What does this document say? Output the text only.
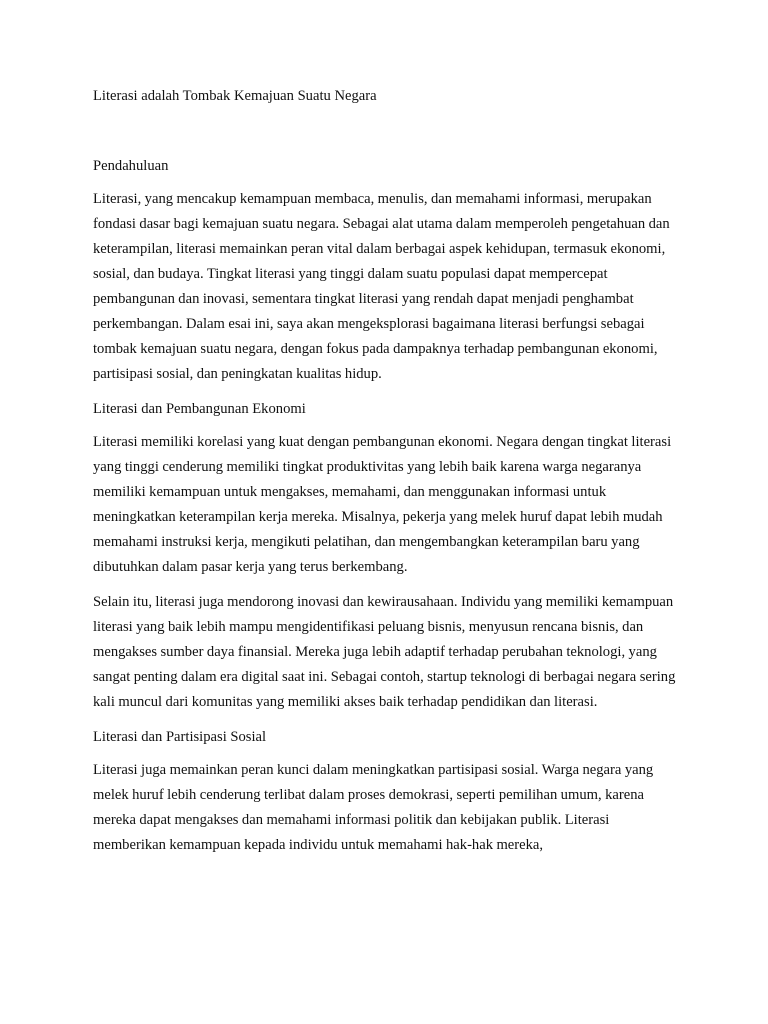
Literasi adalah Tombak Kemajuan Suatu Negara
Pendahuluan

Literasi, yang mencakup kemampuan membaca, menulis, dan memahami informasi, merupakan fondasi dasar bagi kemajuan suatu negara. Sebagai alat utama dalam memperoleh pengetahuan dan keterampilan, literasi memainkan peran vital dalam berbagai aspek kehidupan, termasuk ekonomi, sosial, dan budaya. Tingkat literasi yang tinggi dalam suatu populasi dapat mempercepat pembangunan dan inovasi, sementara tingkat literasi yang rendah dapat menjadi penghambat perkembangan. Dalam esai ini, saya akan mengeksplorasi bagaimana literasi berfungsi sebagai tombak kemajuan suatu negara, dengan fokus pada dampaknya terhadap pembangunan ekonomi, partisipasi sosial, dan peningkatan kualitas hidup.

Literasi dan Pembangunan Ekonomi

Literasi memiliki korelasi yang kuat dengan pembangunan ekonomi. Negara dengan tingkat literasi yang tinggi cenderung memiliki tingkat produktivitas yang lebih baik karena warga negaranya memiliki kemampuan untuk mengakses, memahami, dan menggunakan informasi untuk meningkatkan keterampilan kerja mereka. Misalnya, pekerja yang melek huruf dapat lebih mudah memahami instruksi kerja, mengikuti pelatihan, dan mengembangkan keterampilan baru yang dibutuhkan dalam pasar kerja yang terus berkembang.

Selain itu, literasi juga mendorong inovasi dan kewirausahaan. Individu yang memiliki kemampuan literasi yang baik lebih mampu mengidentifikasi peluang bisnis, menyusun rencana bisnis, dan mengakses sumber daya finansial. Mereka juga lebih adaptif terhadap perubahan teknologi, yang sangat penting dalam era digital saat ini. Sebagai contoh, startup teknologi di berbagai negara sering kali muncul dari komunitas yang memiliki akses baik terhadap pendidikan dan literasi.

Literasi dan Partisipasi Sosial

Literasi juga memainkan peran kunci dalam meningkatkan partisipasi sosial. Warga negara yang melek huruf lebih cenderung terlibat dalam proses demokrasi, seperti pemilihan umum, karena mereka dapat mengakses dan memahami informasi politik dan kebijakan publik. Literasi memberikan kemampuan kepada individu untuk memahami hak-hak mereka,
